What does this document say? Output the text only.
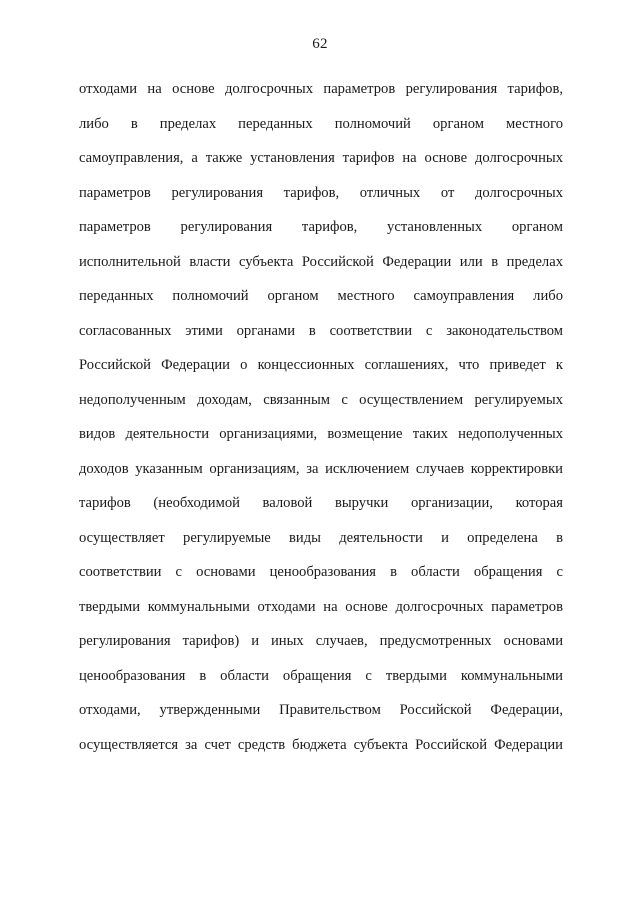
62
отходами на основе долгосрочных параметров регулирования тарифов,
либо в пределах переданных полномочий органом местного
самоуправления, а также установления тарифов на основе долгосрочных
параметров регулирования тарифов, отличных от долгосрочных
параметров регулирования тарифов, установленных органом
исполнительной власти субъекта Российской Федерации или в пределах
переданных полномочий органом местного самоуправления либо
согласованных этими органами в соответствии с законодательством
Российской Федерации о концессионных соглашениях, что приведет к
недополученным доходам, связанным с осуществлением регулируемых
видов деятельности организациями, возмещение таких недополученных
доходов указанным организациям, за исключением случаев корректировки
тарифов (необходимой валовой выручки организации, которая
осуществляет регулируемые виды деятельности и определена в
соответствии с основами ценообразования в области обращения с
твердыми коммунальными отходами на основе долгосрочных параметров
регулирования тарифов) и иных случаев, предусмотренных основами
ценообразования в области обращения с твердыми коммунальными
отходами, утвержденными Правительством Российской Федерации,
осуществляется за счет средств бюджета субъекта Российской Федерации
